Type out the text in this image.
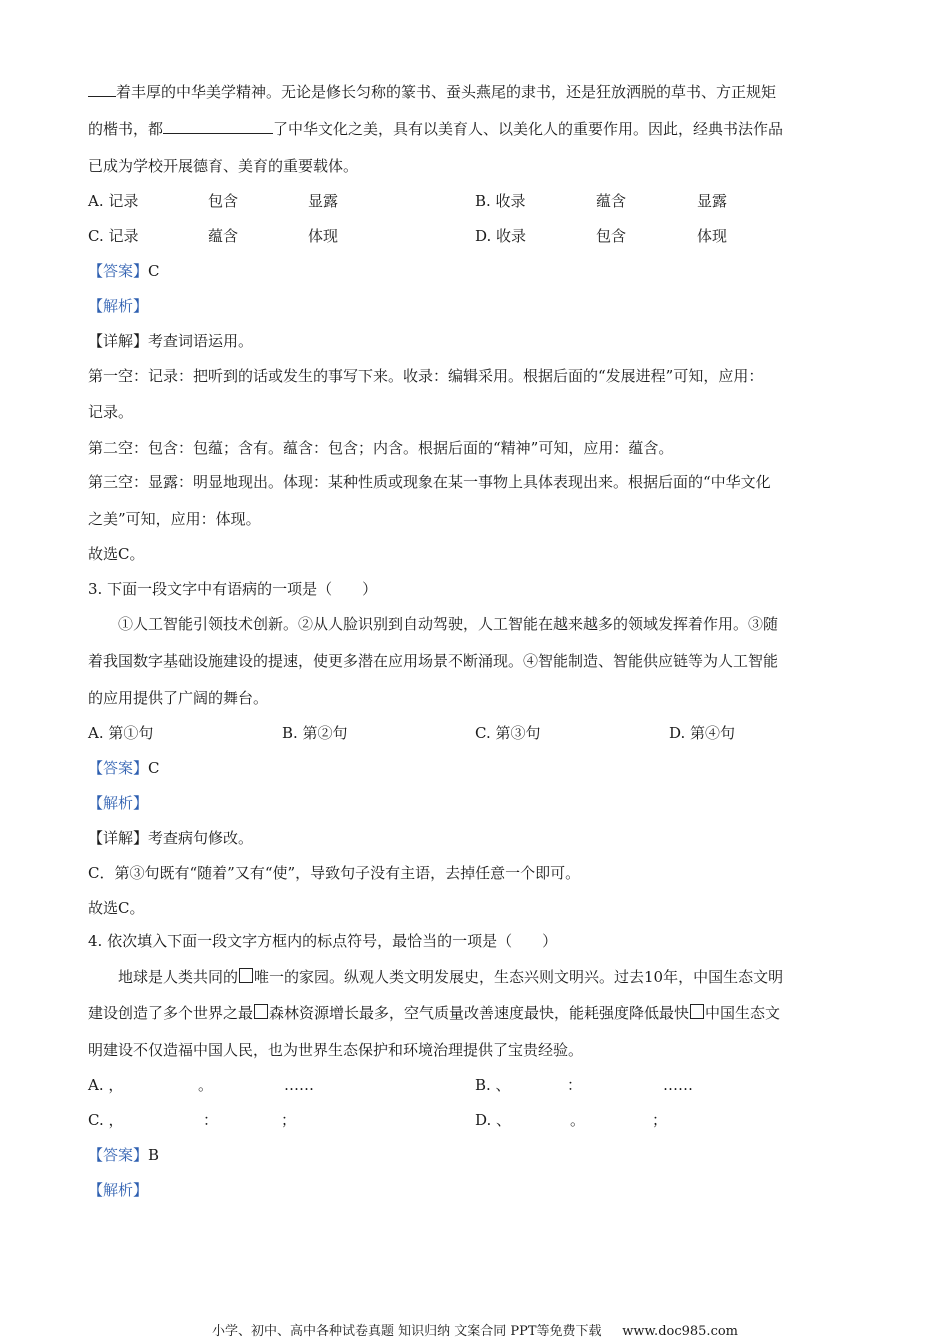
着丰厚的中华美学精神。无论是修长匀称的篆书、蚕头燕尾的隶书，还是狂放洒脱的草书、方正规矩
的楷书，都	了中华文化之美，具有以美育人、以美化人的重要作用。因此，经典书法作品
已成为学校开展德育、美育的重要载体。
A. 记录	包含	显露	B. 收录	蕴含	显露
C. 记录	蕴含	体现	D. 收录	包含	体现
【答案】C
【解析】
【详解】考查词语运用。
第一空：记录：把听到的话或发生的事写下来。收录：编辑采用。根据后面的“发展进程”可知，应用：
记录。
第二空：包含：包蕴；含有。蕴含：包含；内含。根据后面的“精神”可知，应用：蕴含。
第三空：显露：明显地现出。体现：某种性质或现象在某一事物上具体表现出来。根据后面的“中华文化
之美”可知，应用：体现。
故选C。
3. 下面一段文字中有语病的一项是（　　）
①人工智能引领技术创新。②从人脸识别到自动驾驶，人工智能在越来越多的领域发挥着作用。③随
着我国数字基础设施建设的提速，使更多潜在应用场景不断涌现。④智能制造、智能供应链等为人工智能
的应用提供了广阔的舞台。
A. 第①句	B. 第②句	C. 第③句	D. 第④句
【答案】C
【解析】
【详解】考查病句修改。
C．第③句既有“随着”又有“使”，导致句子没有主语，去掉任意一个即可。
故选C。
4. 依次填入下面一段文字方框内的标点符号，最恰当的一项是（　　）
地球是人类共同的 唯一的家园。纵观人类文明发展史，生态兴则文明兴。过去10年，中国生态文明
建设创造了多个世界之最 森林资源增长最多，空气质量改善速度最快，能耗强度降低最快 中国生态文
明建设不仅造福中国人民，也为世界生态保护和环境治理提供了宝贵经验。
A. ，	。	……	B. 、	：	……
C. ，	：	；	D. 、	。	；
【答案】B
【解析】
小学、初中、高中各种试卷真题 知识归纳 文案合同 PPT等免费下载 www.doc985.com
